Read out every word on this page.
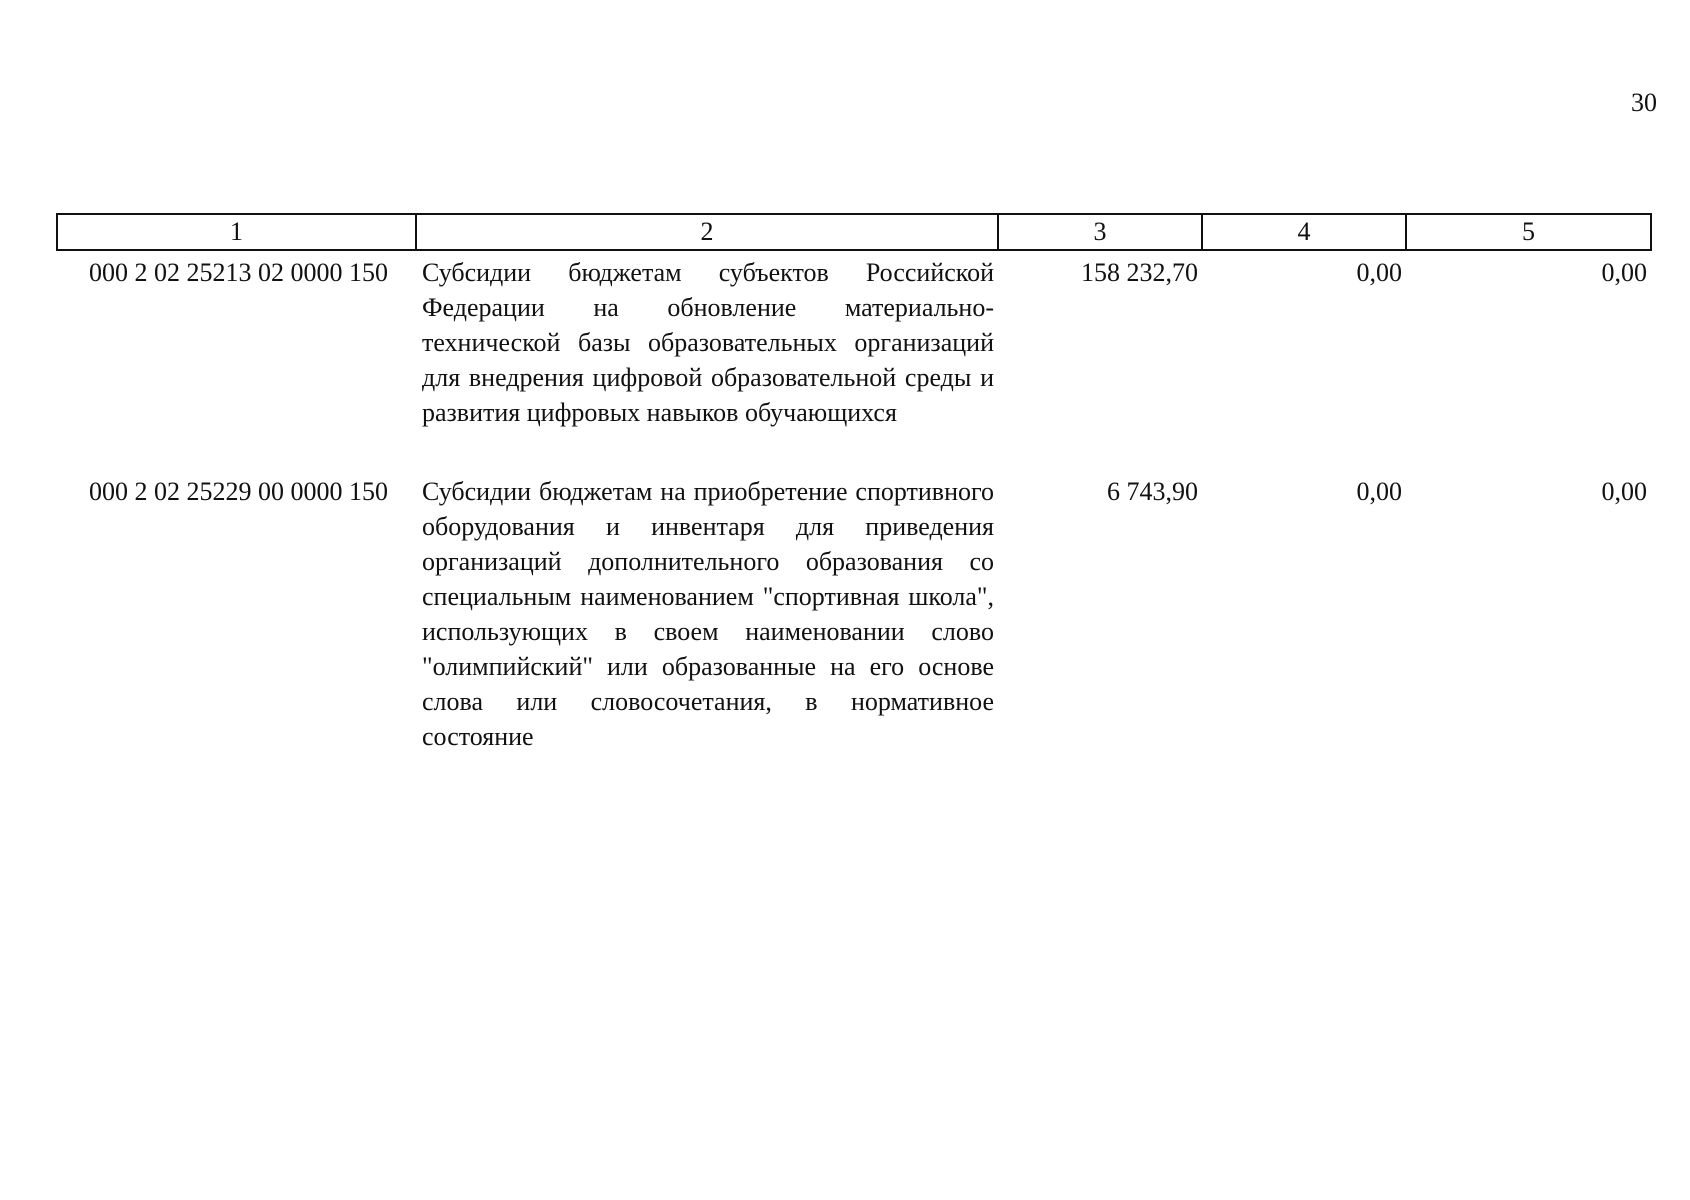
30
1	2	3	4	5
000 2 02 25213 02 0000 150	Субсидии бюджетам субъектов Российской Федерации на обновление материально-технической базы образовательных организаций для внедрения цифровой образовательной среды и развития цифровых навыков обучающихся	158 232,70	0,00	0,00

000 2 02 25229 00 0000 150	Субсидии бюджетам на приобретение спортивного оборудования и инвентаря для приведения организаций дополнительного образования со специальным наименованием "спортивная школа", использующих в своем наименовании слово "олимпийский" или образованные на его основе слова или словосочетания, в нормативное состояние	6 743,90	0,00	0,00
